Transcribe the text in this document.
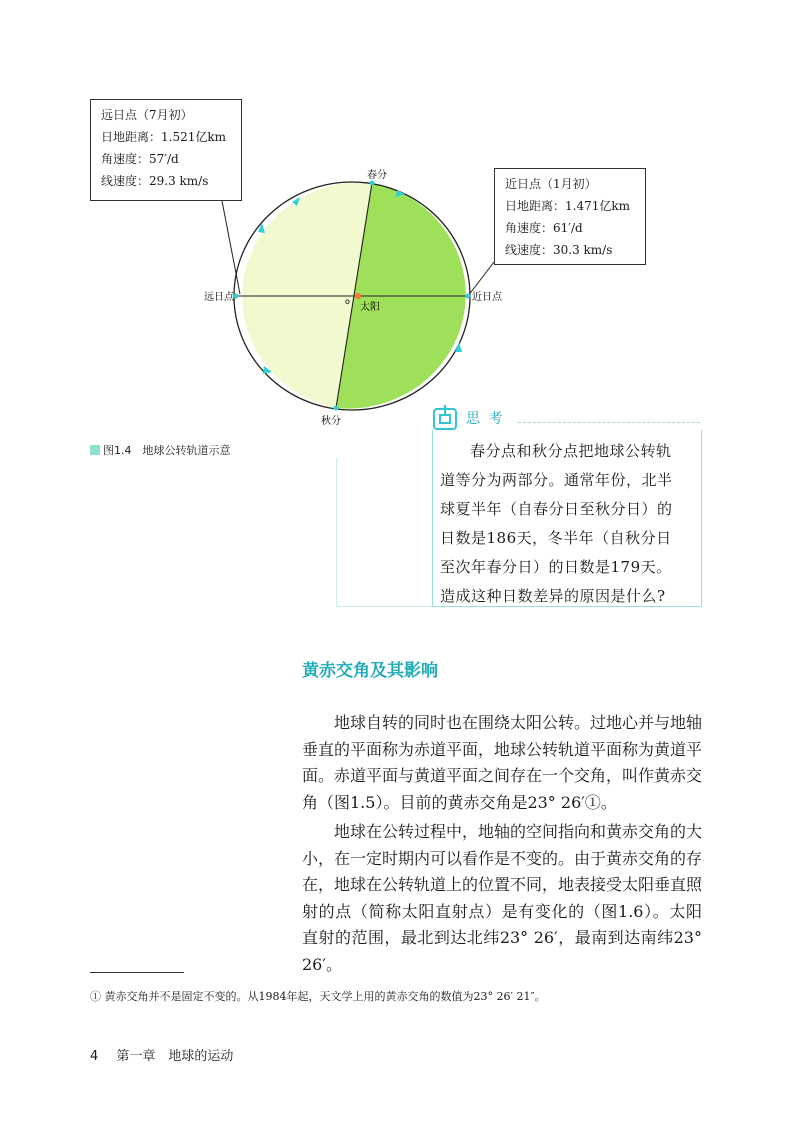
远日点（7月初）
日地距离：1.521亿km
角速度：57′/d
线速度：29.3 km/s	近日点（1月初）
日地距离：1.471亿km
角速度：61′/d
线速度：30.3 km/s
春分
秋分
远日点	近日点
o
太阳
图1.4　地球公转轨道示意
思 考
春分点和秋分点把地球公转轨
道等分为两部分。通常年份，北半
球夏半年（自春分日至秋分日）的
日数是186天，冬半年（自秋分日
至次年春分日）的日数是179天。
造成这种日数差异的原因是什么?
黄赤交角及其影响

地球自转的同时也在围绕太阳公转。过地心并与地轴垂直的平面称为赤道平面，地球公转轨道平面称为黄道平面。赤道平面与黄道平面之间存在一个交角，叫作黄赤交角（图1.5）。目前的黄赤交角是23° 26′①。

地球在公转过程中，地轴的空间指向和黄赤交角的大小，在一定时期内可以看作是不变的。由于黄赤交角的存在，地球在公转轨道上的位置不同，地表接受太阳垂直照射的点（简称太阳直射点）是有变化的（图1.6）。太阳直射的范围，最北到达北纬23° 26′，最南到达南纬23° 26′。

① 黄赤交角并不是固定不变的。从1984年起，天文学上用的黄赤交角的数值为23° 26′ 21″。
4 第一章　地球的运动
